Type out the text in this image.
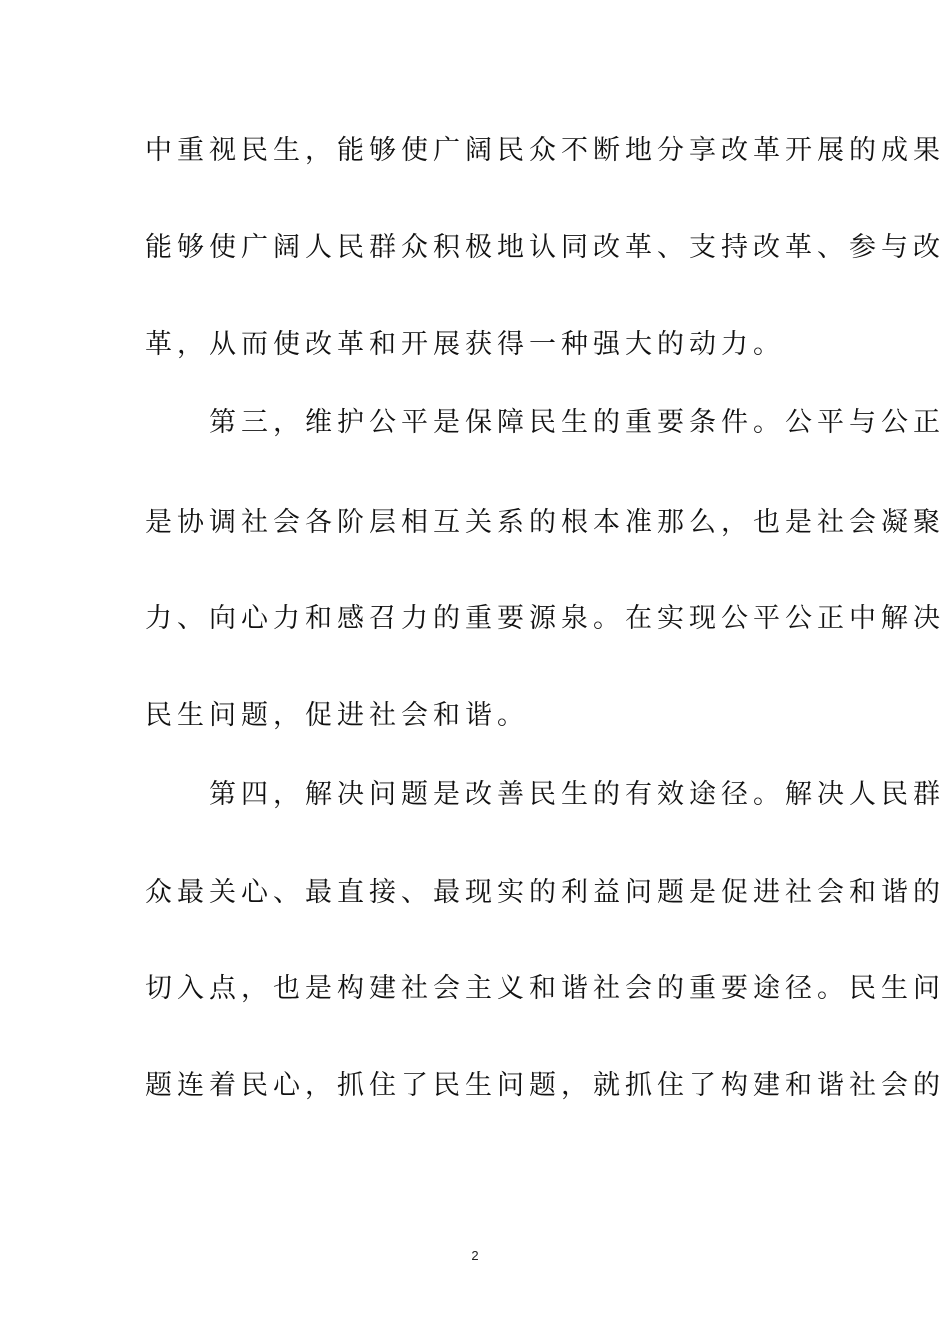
中重视民生，能够使广阔民众不断地分享改革开展的成果
能够使广阔人民群众积极地认同改革、支持改革、参与改
革，从而使改革和开展获得一种强大的动力。
　　第三，维护公平是保障民生的重要条件。公平与公正
是协调社会各阶层相互关系的根本准那么，也是社会凝聚
力、向心力和感召力的重要源泉。在实现公平公正中解决
民生问题，促进社会和谐。
　　第四，解决问题是改善民生的有效途径。解决人民群
众最关心、最直接、最现实的利益问题是促进社会和谐的
切入点，也是构建社会主义和谐社会的重要途径。民生问
题连着民心，抓住了民生问题，就抓住了构建和谐社会的
2
